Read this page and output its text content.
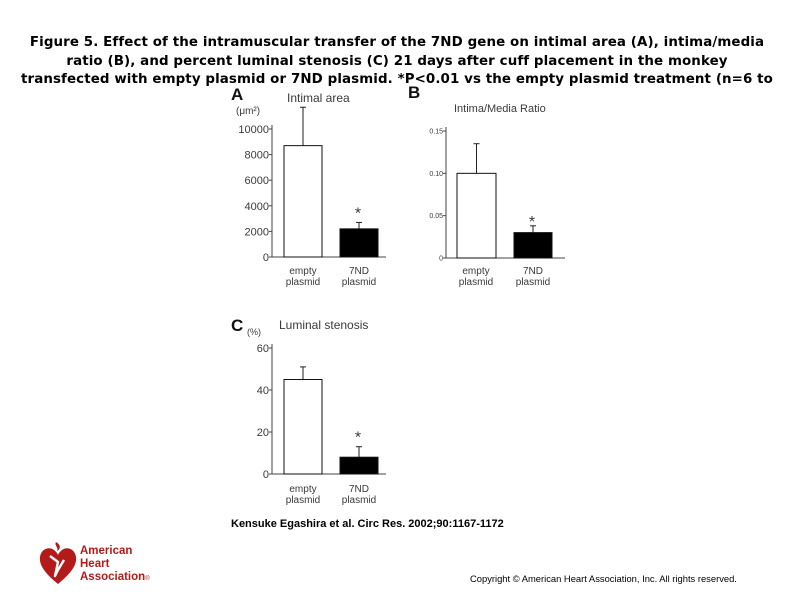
Figure 5. Effect of the intramuscular transfer of the 7ND gene on intimal area (A), intima/media
ratio (B), and percent luminal stenosis (C) 21 days after cuff placement in the monkey
transfected with empty plasmid or 7ND plasmid. *P<0.01 vs the empty plasmid treatment (n=6 to

A	Intimal area
(μm²)
0
2000
4000
6000
8000
10000
empty
plasmid
*
7ND
plasmid
B
Intima/Media Ratio
0
0.05
0.10
0.15
empty
plasmid
*
7ND
plasmid
C	Luminal stenosis
(%)
0
20
40
60
empty
plasmid
*
7ND
plasmid
Kensuke Egashira et al. Circ Res. 2002;90:1167-1172
American
Heart
Association®	Copyright © American Heart Association, Inc. All rights reserved.
